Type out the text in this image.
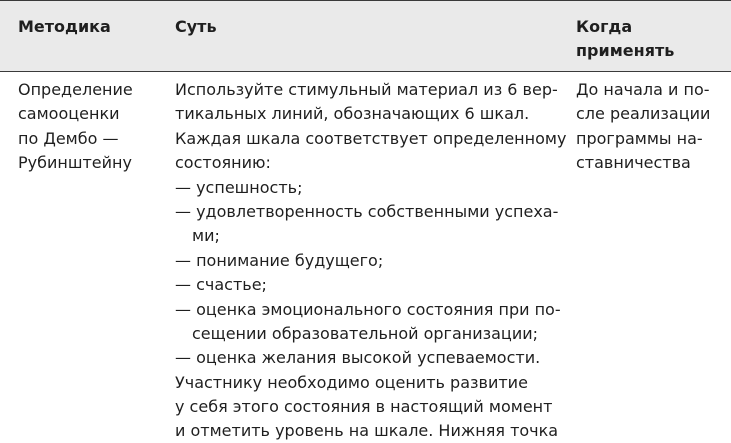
Методика	Суть	Когда
применять
Определение
самооценки
по Дембо —
Рубинштейну
Используйте стимульный материал из 6 вер-
тикальных линий, обозначающих 6 шкал.
Каждая шкала соответствует определенному
состоянию:
— успешность;
— удовлетворенность собственными успеха-
ми;
— понимание будущего;
— счастье;
— оценка эмоционального состояния при по-
сещении образовательной организации;
— оценка желания высокой успеваемости.
Участнику необходимо оценить развитие
у себя этого состояния в настоящий момент
и отметить уровень на шкале. Нижняя точка
До начала и по-
сле реализации
программы на-
ставничества
